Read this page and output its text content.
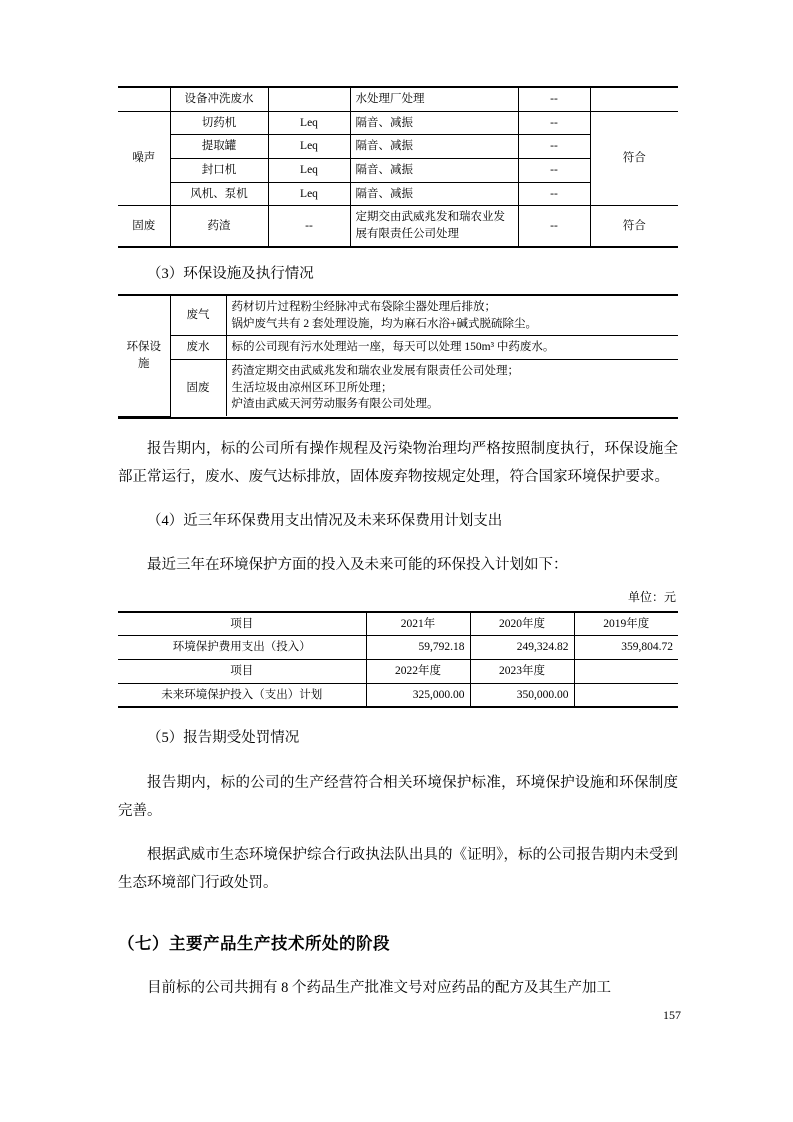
	设备冲洗废水		水处理厂处理	--	
噪声	切药机	Leq	隔音、减振	--	符合
	提取罐	Leq	隔音、减振	--	
	封口机	Leq	隔音、减振	--	
	风机、泵机	Leq	隔音、减振	--	
固废	药渣	--	定期交由武威兆发和瑞农业发展有限责任公司处理	--	符合

（3）环保设施及执行情况

环保设施	废气	药材切片过程粉尘经脉冲式布袋除尘器处理后排放；
锅炉废气共有 2 套处理设施，均为麻石水浴+碱式脱硫除尘。

	废水	标的公司现有污水处理站一座，每天可以处理 150m³ 中药废水。

	固废	药渣定期交由武威兆发和瑞农业发展有限责任公司处理；
生活垃圾由凉州区环卫所处理；
炉渣由武威天河劳动服务有限公司处理。

报告期内，标的公司所有操作规程及污染物治理均严格按照制度执行，环保设施全部正常运行，废水、废气达标排放，固体废弃物按规定处理，符合国家环境保护要求。

（4）近三年环保费用支出情况及未来环保费用计划支出

最近三年在环境保护方面的投入及未来可能的环保投入计划如下：

单位：元

项目	2021年	2020年度	2019年度
环境保护费用支出（投入）	59,792.18	249,324.82	359,804.72
项目	2022年度	2023年度	
未来环境保护投入（支出）计划	325,000.00	350,000.00	

（5）报告期受处罚情况

报告期内，标的公司的生产经营符合相关环境保护标准，环境保护设施和环保制度完善。

根据武威市生态环境保护综合行政执法队出具的《证明》，标的公司报告期内未受到生态环境部门行政处罚。

（七）主要产品生产技术所处的阶段

目前标的公司共拥有 8 个药品生产批准文号对应药品的配方及其生产加工

157
